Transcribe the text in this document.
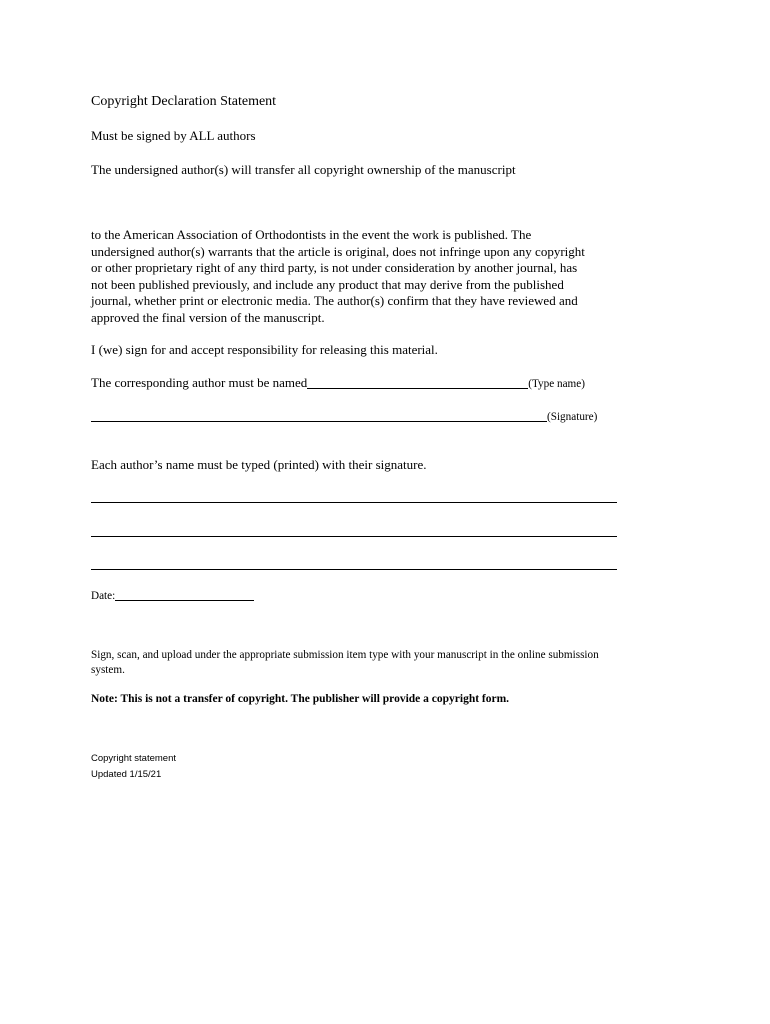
Copyright Declaration Statement
Must be signed by ALL authors
The undersigned author(s) will transfer all copyright ownership of the manuscript
to the American Association of Orthodontists in the event the work is published. The
undersigned author(s) warrants that the article is original, does not infringe upon any copyright
or other proprietary right of any third party, is not under consideration by another journal, has
not been published previously, and include any product that may derive from the published
journal, whether print or electronic media. The author(s) confirm that they have reviewed and
approved the final version of the manuscript.
I (we) sign for and accept responsibility for releasing this material.
The corresponding author must be named	(Type name)
(Signature)
Each author’s name must be typed (printed) with their signature.
Date:
Sign, scan, and upload under the appropriate submission item type with your manuscript in the online submission
system.
Note: This is not a transfer of copyright. The publisher will provide a copyright form.
Copyright statement
Updated 1/15/21
